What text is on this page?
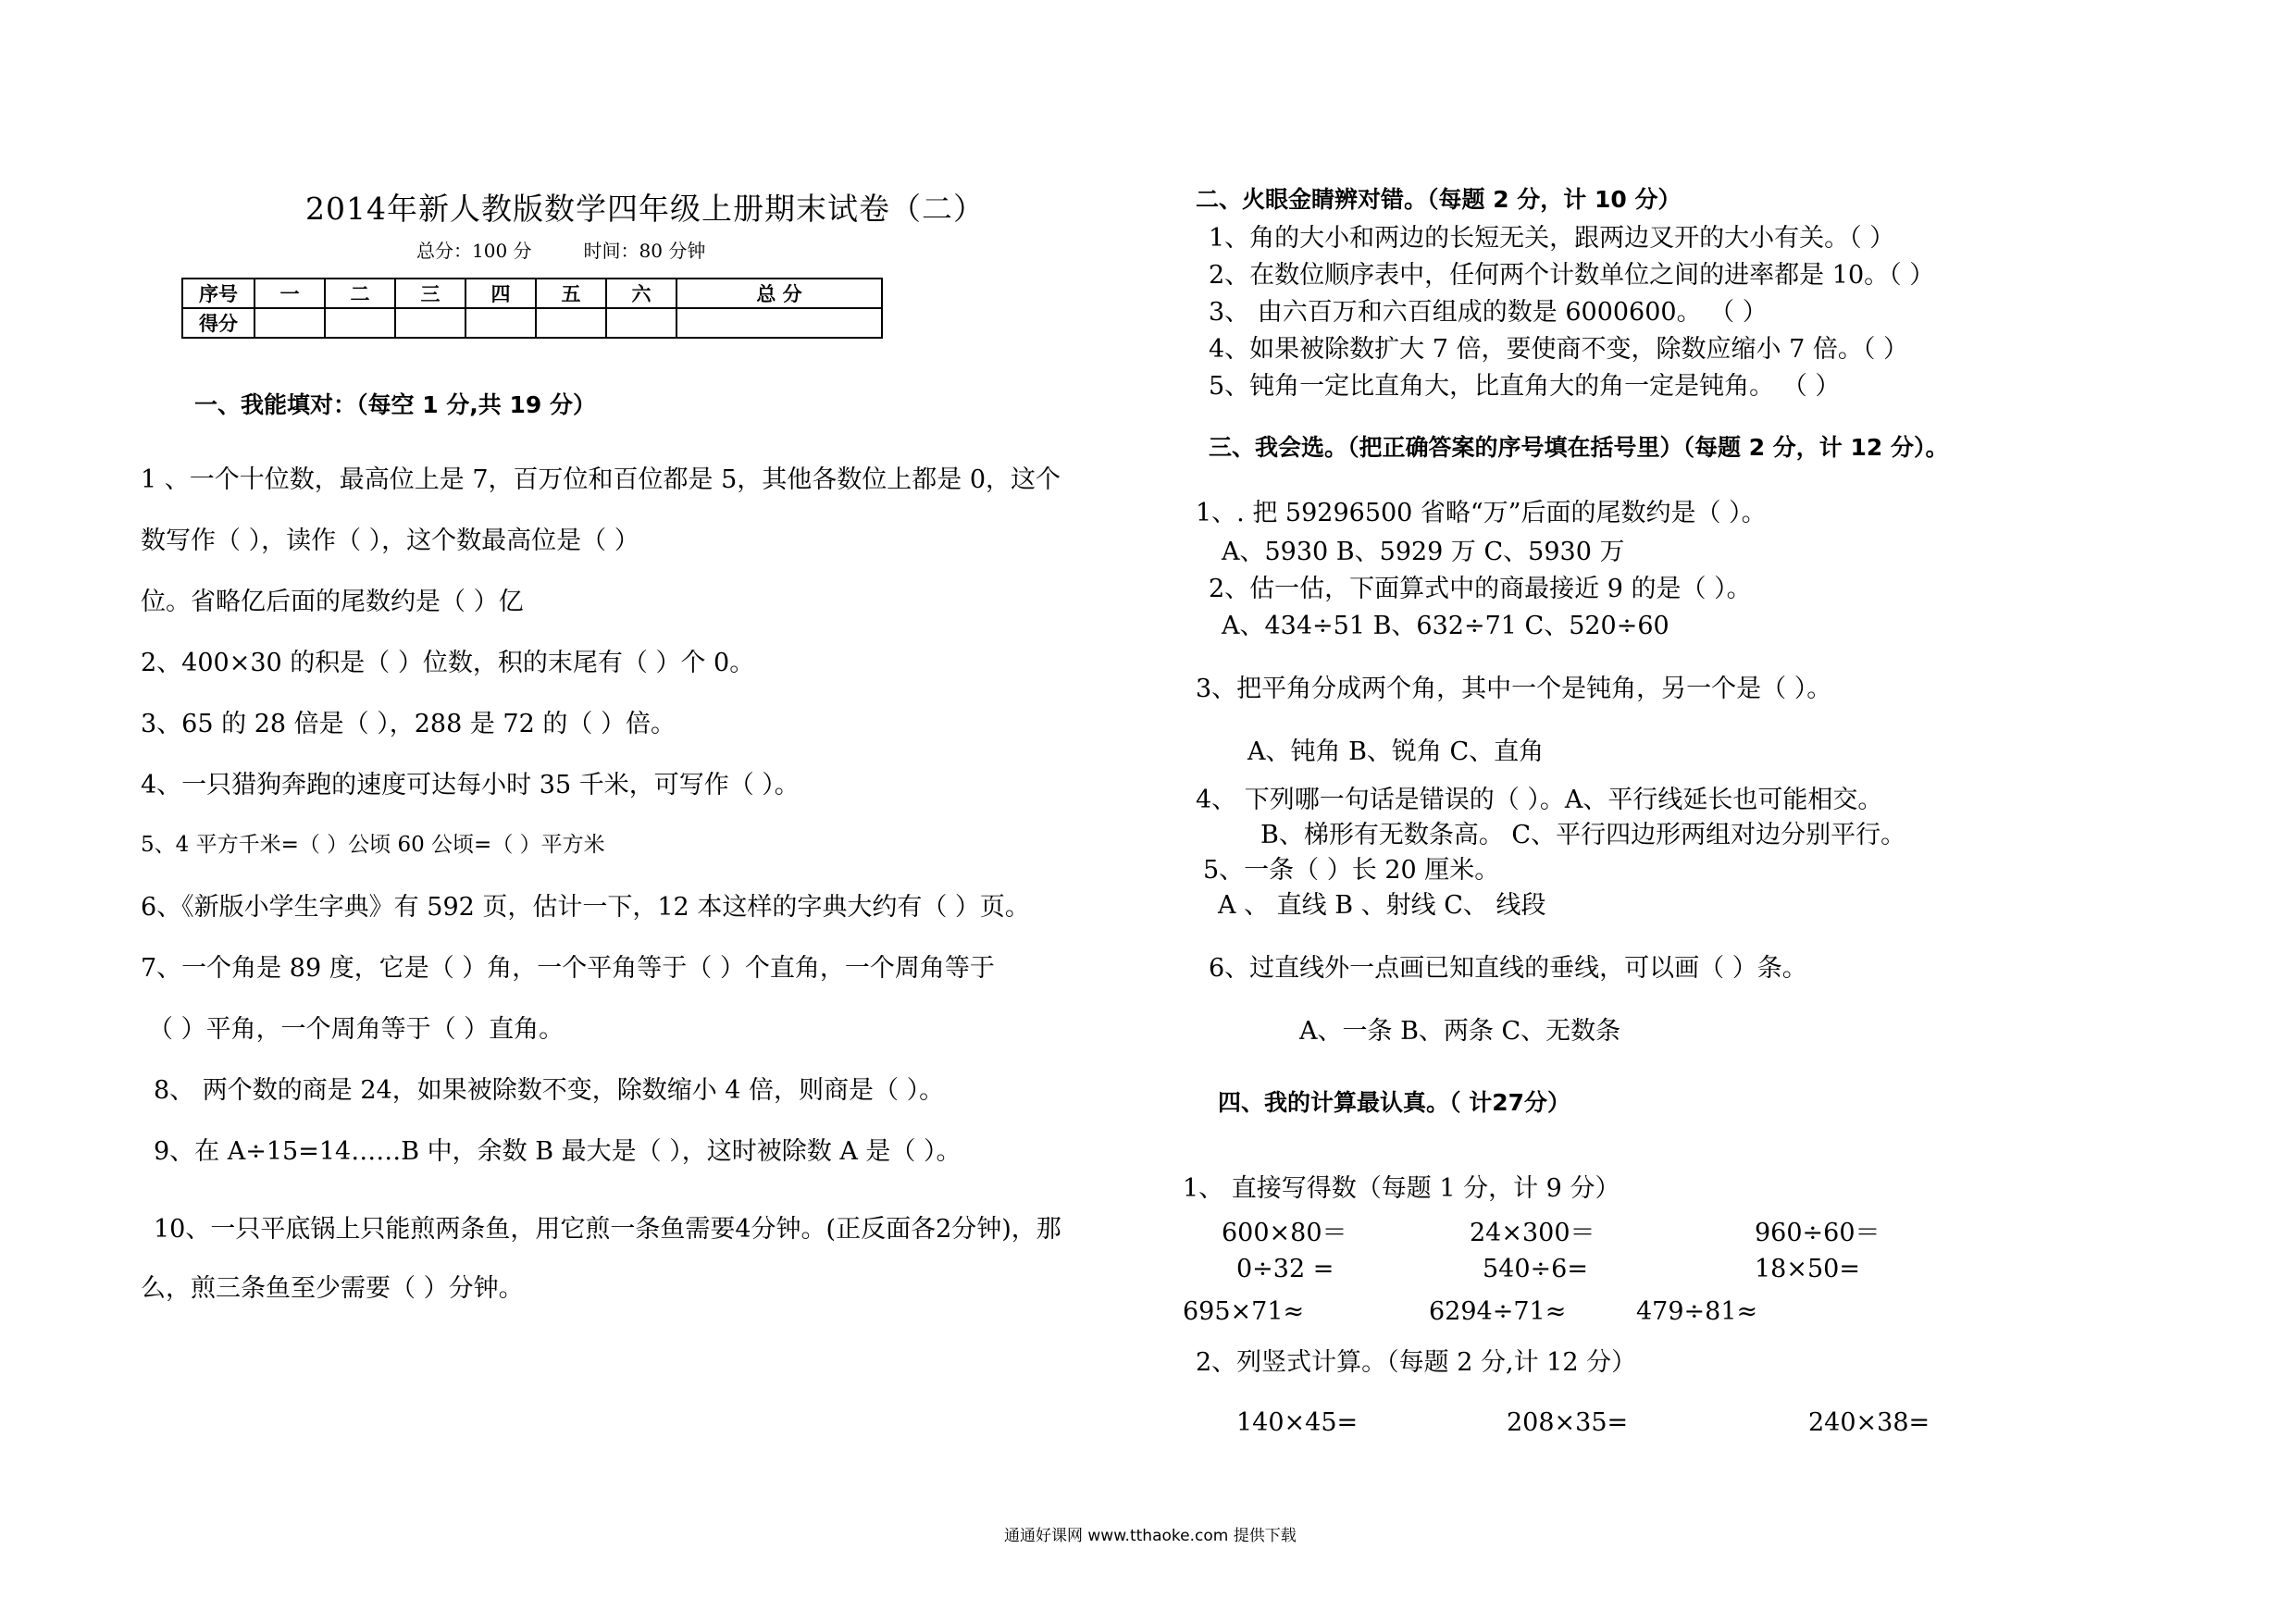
2014年新人教版数学四年级上册期末试卷（二）
总分：100 分	时间：80 分钟
序号	一	二	三	四	五	六	总 分
得分							
一、我能填对：（每空 1 分,共 19 分）
1 、一个十位数，最高位上是 7，百万位和百位都是 5，其他各数位上都是 0，这个
数写作（ ），读作（ ），这个数最高位是（ ）
位。省略亿后面的尾数约是（ ）亿
2、400×30 的积是（ ）位数，积的末尾有（ ）个 0。
3、65 的 28 倍是（ ），288 是 72 的（ ）倍。
4、一只猎狗奔跑的速度可达每小时 35 千米，可写作（ ）。
5、4 平方千米=（ ）公顷 60 公顷=（ ）平方米
6、《新版小学生字典》有 592 页，估计一下，12 本这样的字典大约有（ ）页。
7、一个角是 89 度，它是（ ）角，一个平角等于（ ）个直角，一个周角等于
（ ）平角，一个周角等于（ ）直角。
8、 两个数的商是 24，如果被除数不变，除数缩小 4 倍，则商是（ ）。
9、在 A÷15=14……B 中，余数 B 最大是（ ），这时被除数 A 是（ ）。
10、一只平底锅上只能煎两条鱼，用它煎一条鱼需要4分钟。(正反面各2分钟)，那
么，煎三条鱼至少需要（ ）分钟。
二、火眼金睛辨对错。（每题 2 分，计 10 分）
1、角的大小和两边的长短无关，跟两边叉开的大小有关。（ ）
2、在数位顺序表中，任何两个计数单位之间的进率都是 10。（ ）
3、 由六百万和六百组成的数是 6000600。 （ ）
4、如果被除数扩大 7 倍，要使商不变，除数应缩小 7 倍。（ ）
5、钝角一定比直角大，比直角大的角一定是钝角。 （ ）
三、我会选。（把正确答案的序号填在括号里）（每题 2 分，计 12 分）。
1、. 把 59296500 省略“万”后面的尾数约是（ ）。
A、5930 B、5929 万 C、5930 万
2、估一估，下面算式中的商最接近 9 的是（ ）。
A、434÷51 B、632÷71 C、520÷60
3、把平角分成两个角，其中一个是钝角，另一个是（ ）。
A、钝角 B、锐角 C、直角
4、 下列哪一句话是错误的（ ）。A、平行线延长也可能相交。
B、梯形有无数条高。 C、平行四边形两组对边分别平行。
5、一条（ ）长 20 厘米。
A 、 直线 B 、射线 C、 线段
6、过直线外一点画已知直线的垂线，可以画（ ）条。
A、一条 B、两条 C、无数条
四、我的计算最认真。（ 计27分）
1、 直接写得数（每题 1 分，计 9 分）
600×80＝	24×300＝	960÷60＝
0÷32 =	540÷6=	18×50=
695×71≈	6294÷71≈	479÷81≈
2、列竖式计算。（每题 2 分,计 12 分）
140×45=	208×35=	240×38=
通通好课网 www.tthaoke.com 提供下载
